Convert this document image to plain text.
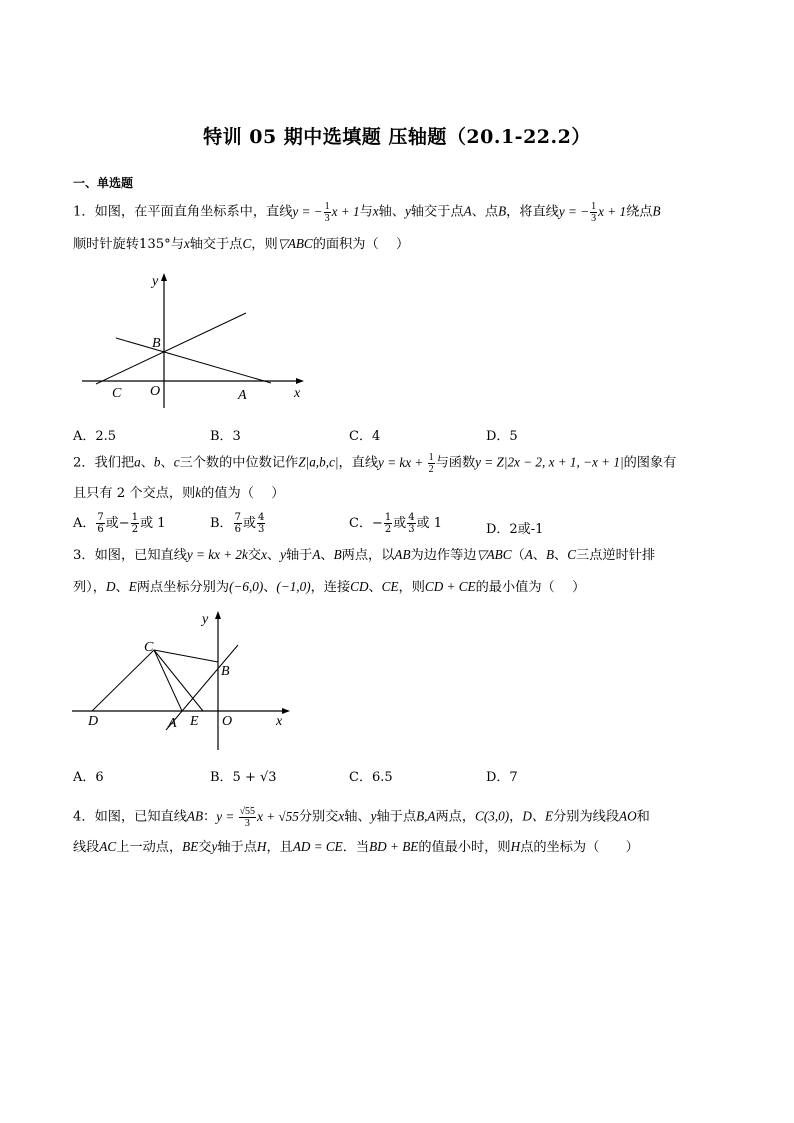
特训 05 期中选填题 压轴题（20.1-22.2）
一、单选题
1．如图，在平面直角坐标系中，直线y = − $\frac{1}{3}$ x + 1与x轴、y轴交于点A、点B，将直线y = − $\frac{1}{3}$ x + 1绕点B
顺时针旋转135°与x轴交于点C，则▽ABC的面积为（　 ）
y
x
B
C O	A
A．2.5	B．3	C．4	D．5
2．我们把a、b、c三个数的中位数记作Z|a,b,c|，直线y = kx + $\frac{1}{2}$ 与函数y = Z|2x − 2, x + 1, −x + 1|的图象有
且只有 2 个交点，则k的值为（　 ）
A． $\frac{7}{6}$ 或− $\frac{1}{2}$ 或 1	B． $\frac{7}{6}$ 或 $\frac{4}{3}$	C．− $\frac{1}{2}$ 或 $\frac{4}{3}$ 或 1	D．2或-1
3．如图，已知直线y = kx + 2k交x、y轴于A、B两点，以AB为边作等边▽ABC（A、B、C三点逆时针排
列），D、E两点坐标分别为(−6,0)、(−1,0)，连接CD、CE，则CD + CE的最小值为（　 ）
y
x
C
B
D	A E O
A．6	B．5 + √3	C．6.5	D．7
4．如图，已知直线AB：$y = \frac{√55}{3}$ x + √55分别交x轴、y轴于点B,A两点，C(3,0)，D、E分别为线段AO和
线段AC上一动点，BE交y轴于点H，且AD = CE．当BD + BE的值最小时，则H点的坐标为（　　）
